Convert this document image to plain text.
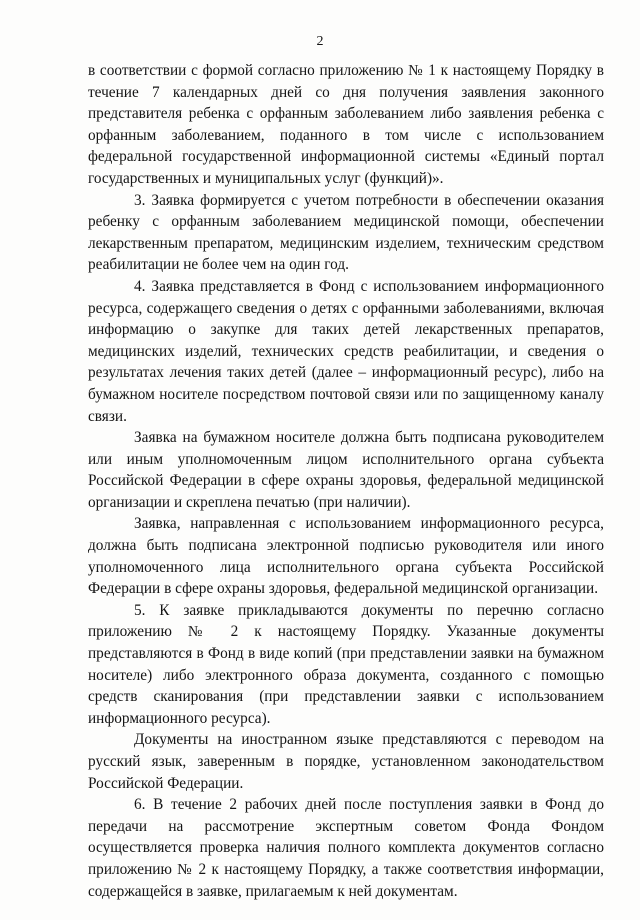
2

в соответствии с формой согласно приложению № 1 к настоящему Порядку в течение 7 календарных дней со дня получения заявления законного представителя ребенка с орфанным заболеванием либо заявления ребенка с орфанным заболеванием, поданного в том числе с использованием федеральной государственной информационной системы «Единый портал государственных и муниципальных услуг (функций)».

3. Заявка формируется с учетом потребности в обеспечении оказания ребенку с орфанным заболеванием медицинской помощи, обеспечении лекарственным препаратом, медицинским изделием, техническим средством реабилитации не более чем на один год.

4. Заявка представляется в Фонд с использованием информационного ресурса, содержащего сведения о детях с орфанными заболеваниями, включая информацию о закупке для таких детей лекарственных препаратов, медицинских изделий, технических средств реабилитации, и сведения о результатах лечения таких детей (далее – информационный ресурс), либо на бумажном носителе посредством почтовой связи или по защищенному каналу связи.

Заявка на бумажном носителе должна быть подписана руководителем или иным уполномоченным лицом исполнительного органа субъекта Российской Федерации в сфере охраны здоровья, федеральной медицинской организации и скреплена печатью (при наличии).

Заявка, направленная с использованием информационного ресурса, должна быть подписана электронной подписью руководителя или иного уполномоченного лица исполнительного органа субъекта Российской Федерации в сфере охраны здоровья, федеральной медицинской организации.

5. К заявке прикладываются документы по перечню согласно приложению № 2 к настоящему Порядку. Указанные документы представляются в Фонд в виде копий (при представлении заявки на бумажном носителе) либо электронного образа документа, созданного с помощью средств сканирования (при представлении заявки с использованием информационного ресурса).

Документы на иностранном языке представляются с переводом на русский язык, заверенным в порядке, установленном законодательством Российской Федерации.

6. В течение 2 рабочих дней после поступления заявки в Фонд до передачи на рассмотрение экспертным советом Фонда Фондом осуществляется проверка наличия полного комплекта документов согласно приложению № 2 к настоящему Порядку, а также соответствия информации, содержащейся в заявке, прилагаемым к ней документам.
